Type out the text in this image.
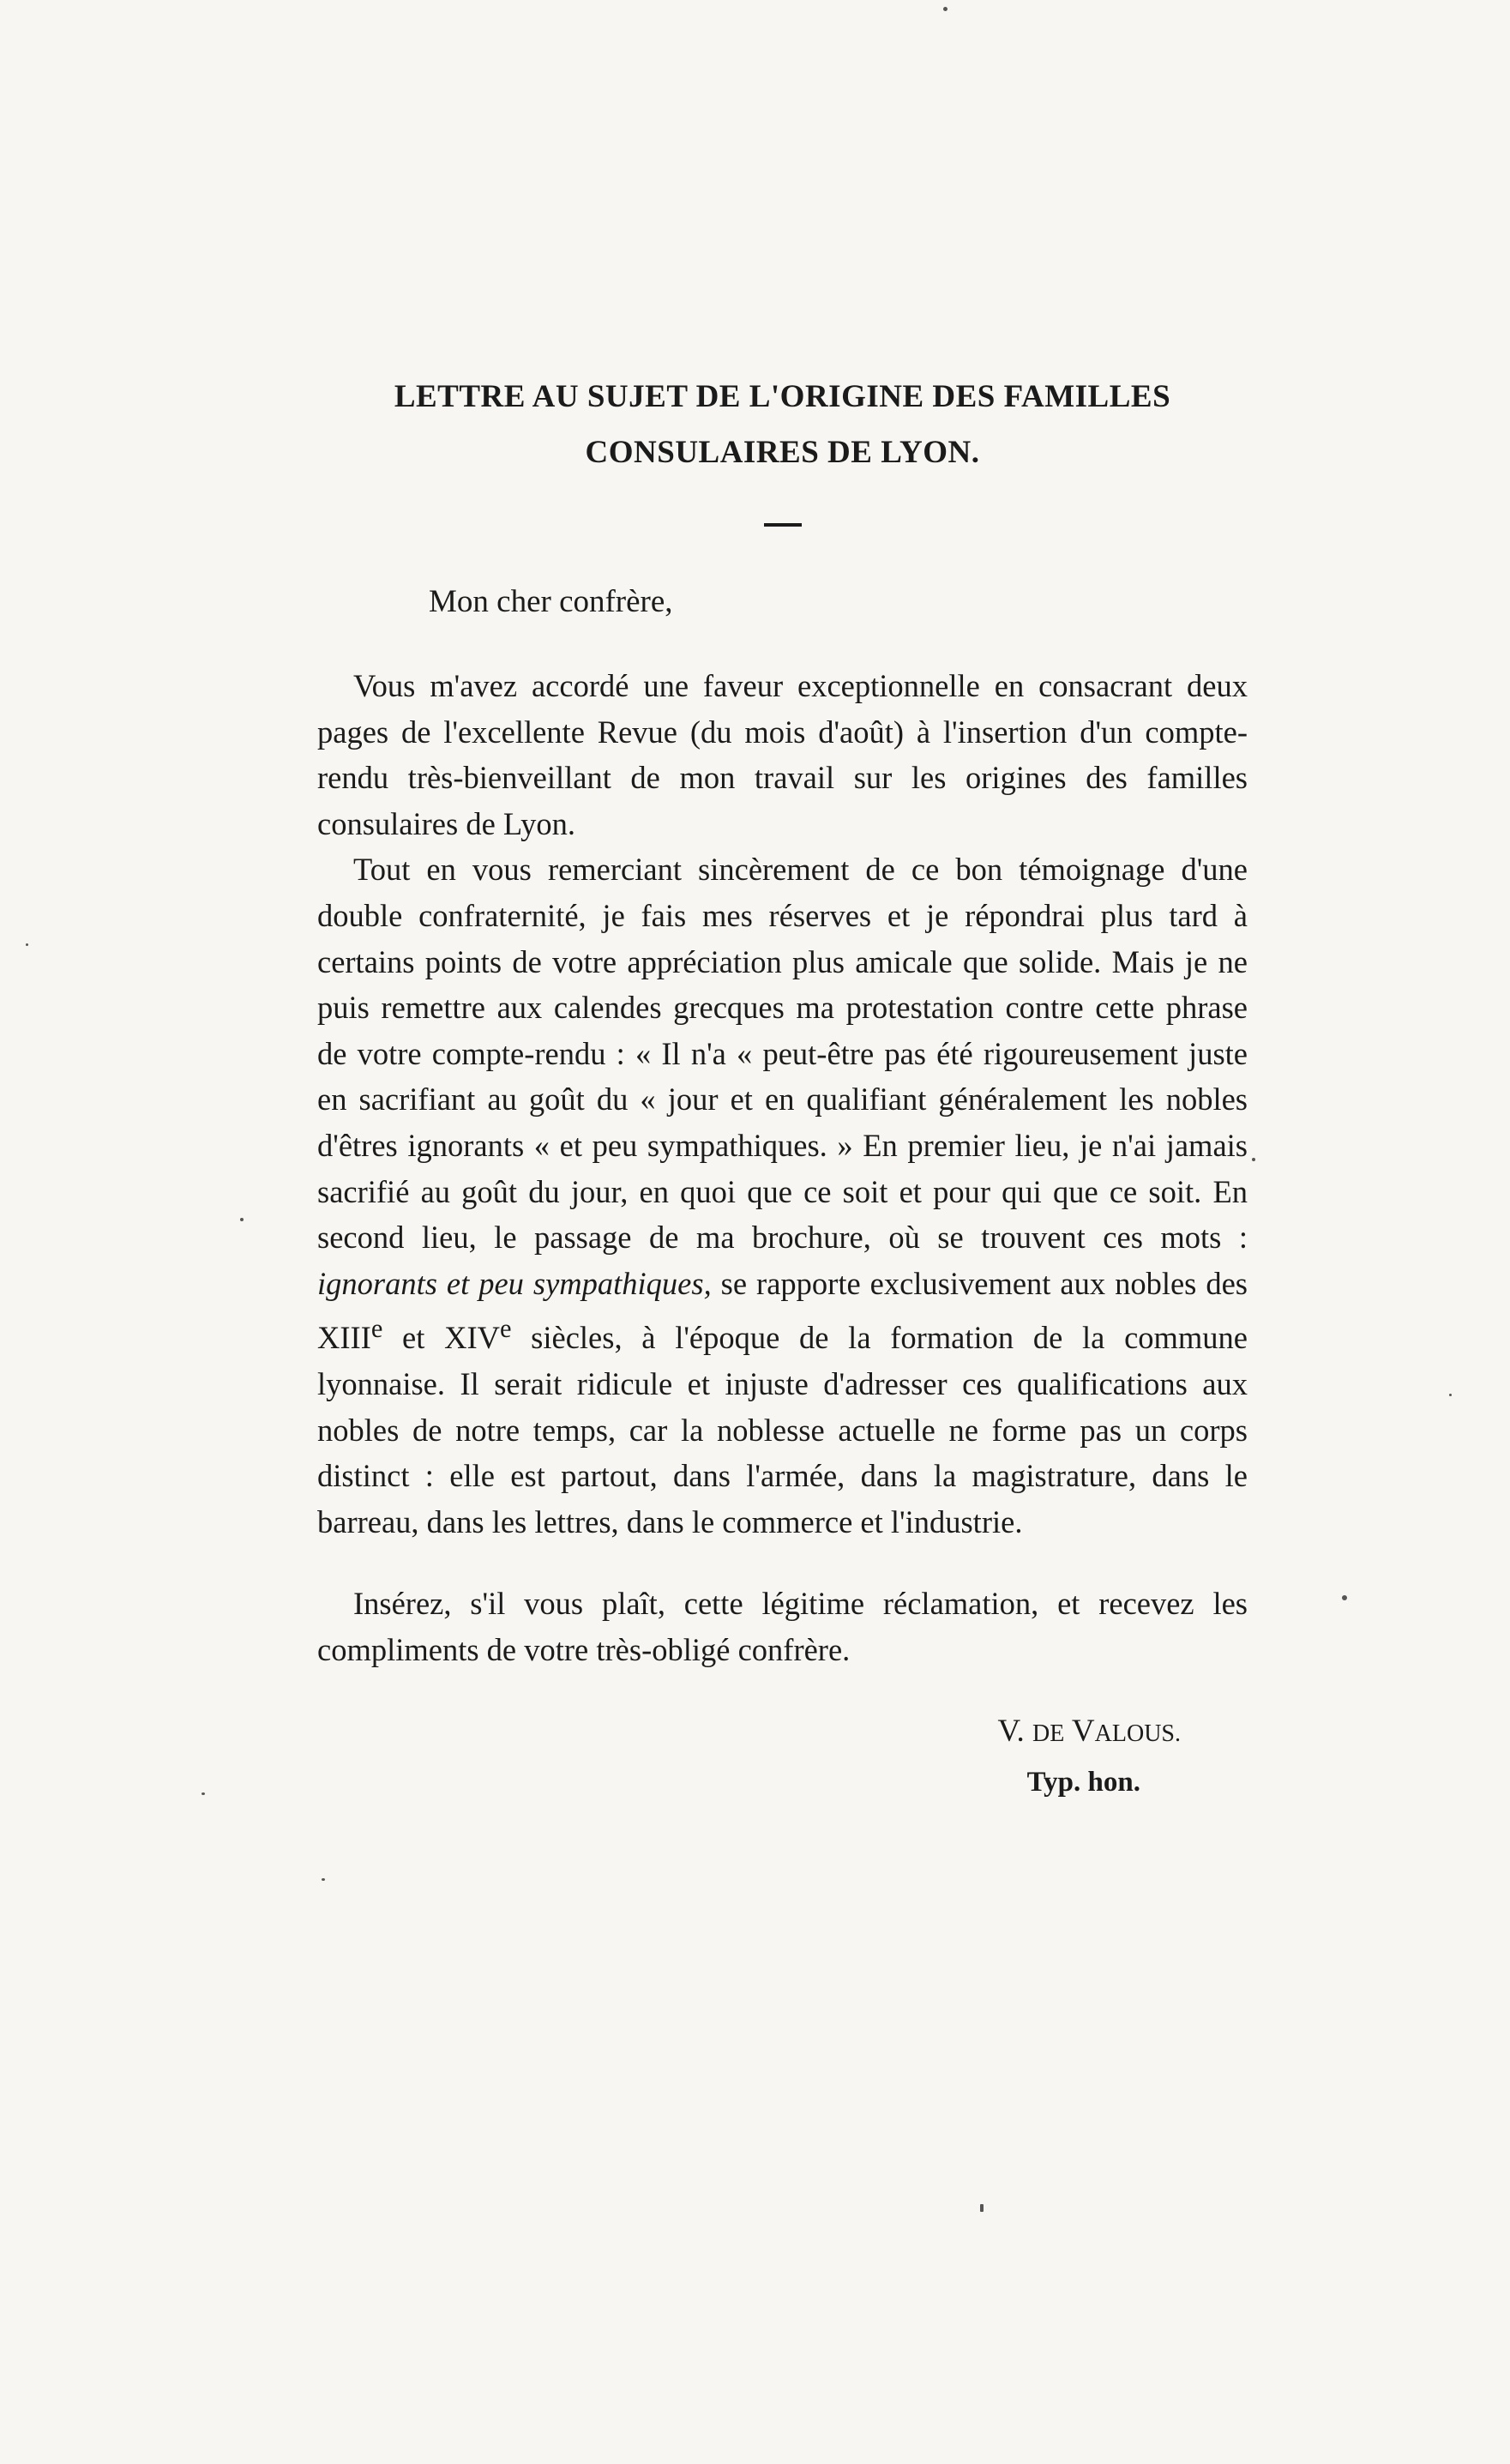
LETTRE AU SUJET DE L'ORIGINE DES FAMILLES
CONSULAIRES DE LYON.

Mon cher confrère,

Vous m'avez accordé une faveur exceptionnelle en consacrant deux pages de l'excellente Revue (du mois d'août) à l'insertion d'un compte-rendu très-bienveillant de mon travail sur les origines des familles consulaires de Lyon.

Tout en vous remerciant sincèrement de ce bon témoignage d'une double confraternité, je fais mes réserves et je répondrai plus tard à certains points de votre appréciation plus amicale que solide. Mais je ne puis remettre aux calendes grecques ma protestation contre cette phrase de votre compte-rendu : « Il n'a « peut-être pas été rigoureusement juste en sacrifiant au goût du « jour et en qualifiant généralement les nobles d'êtres ignorants « et peu sympathiques. » En premier lieu, je n'ai jamais sacrifié au goût du jour, en quoi que ce soit et pour qui que ce soit. En second lieu, le passage de ma brochure, où se trouvent ces mots : ignorants et peu sympathiques, se rapporte exclusivement aux nobles des XIIIe et XIVe siècles, à l'époque de la formation de la commune lyonnaise. Il serait ridicule et injuste d'adresser ces qualifications aux nobles de notre temps, car la noblesse actuelle ne forme pas un corps distinct : elle est partout, dans l'armée, dans la magistrature, dans le barreau, dans les lettres, dans le commerce et l'industrie.

Insérez, s'il vous plaît, cette légitime réclamation, et recevez les compliments de votre très-obligé confrère.

V. DE VALOUS.
Typ. hon.
